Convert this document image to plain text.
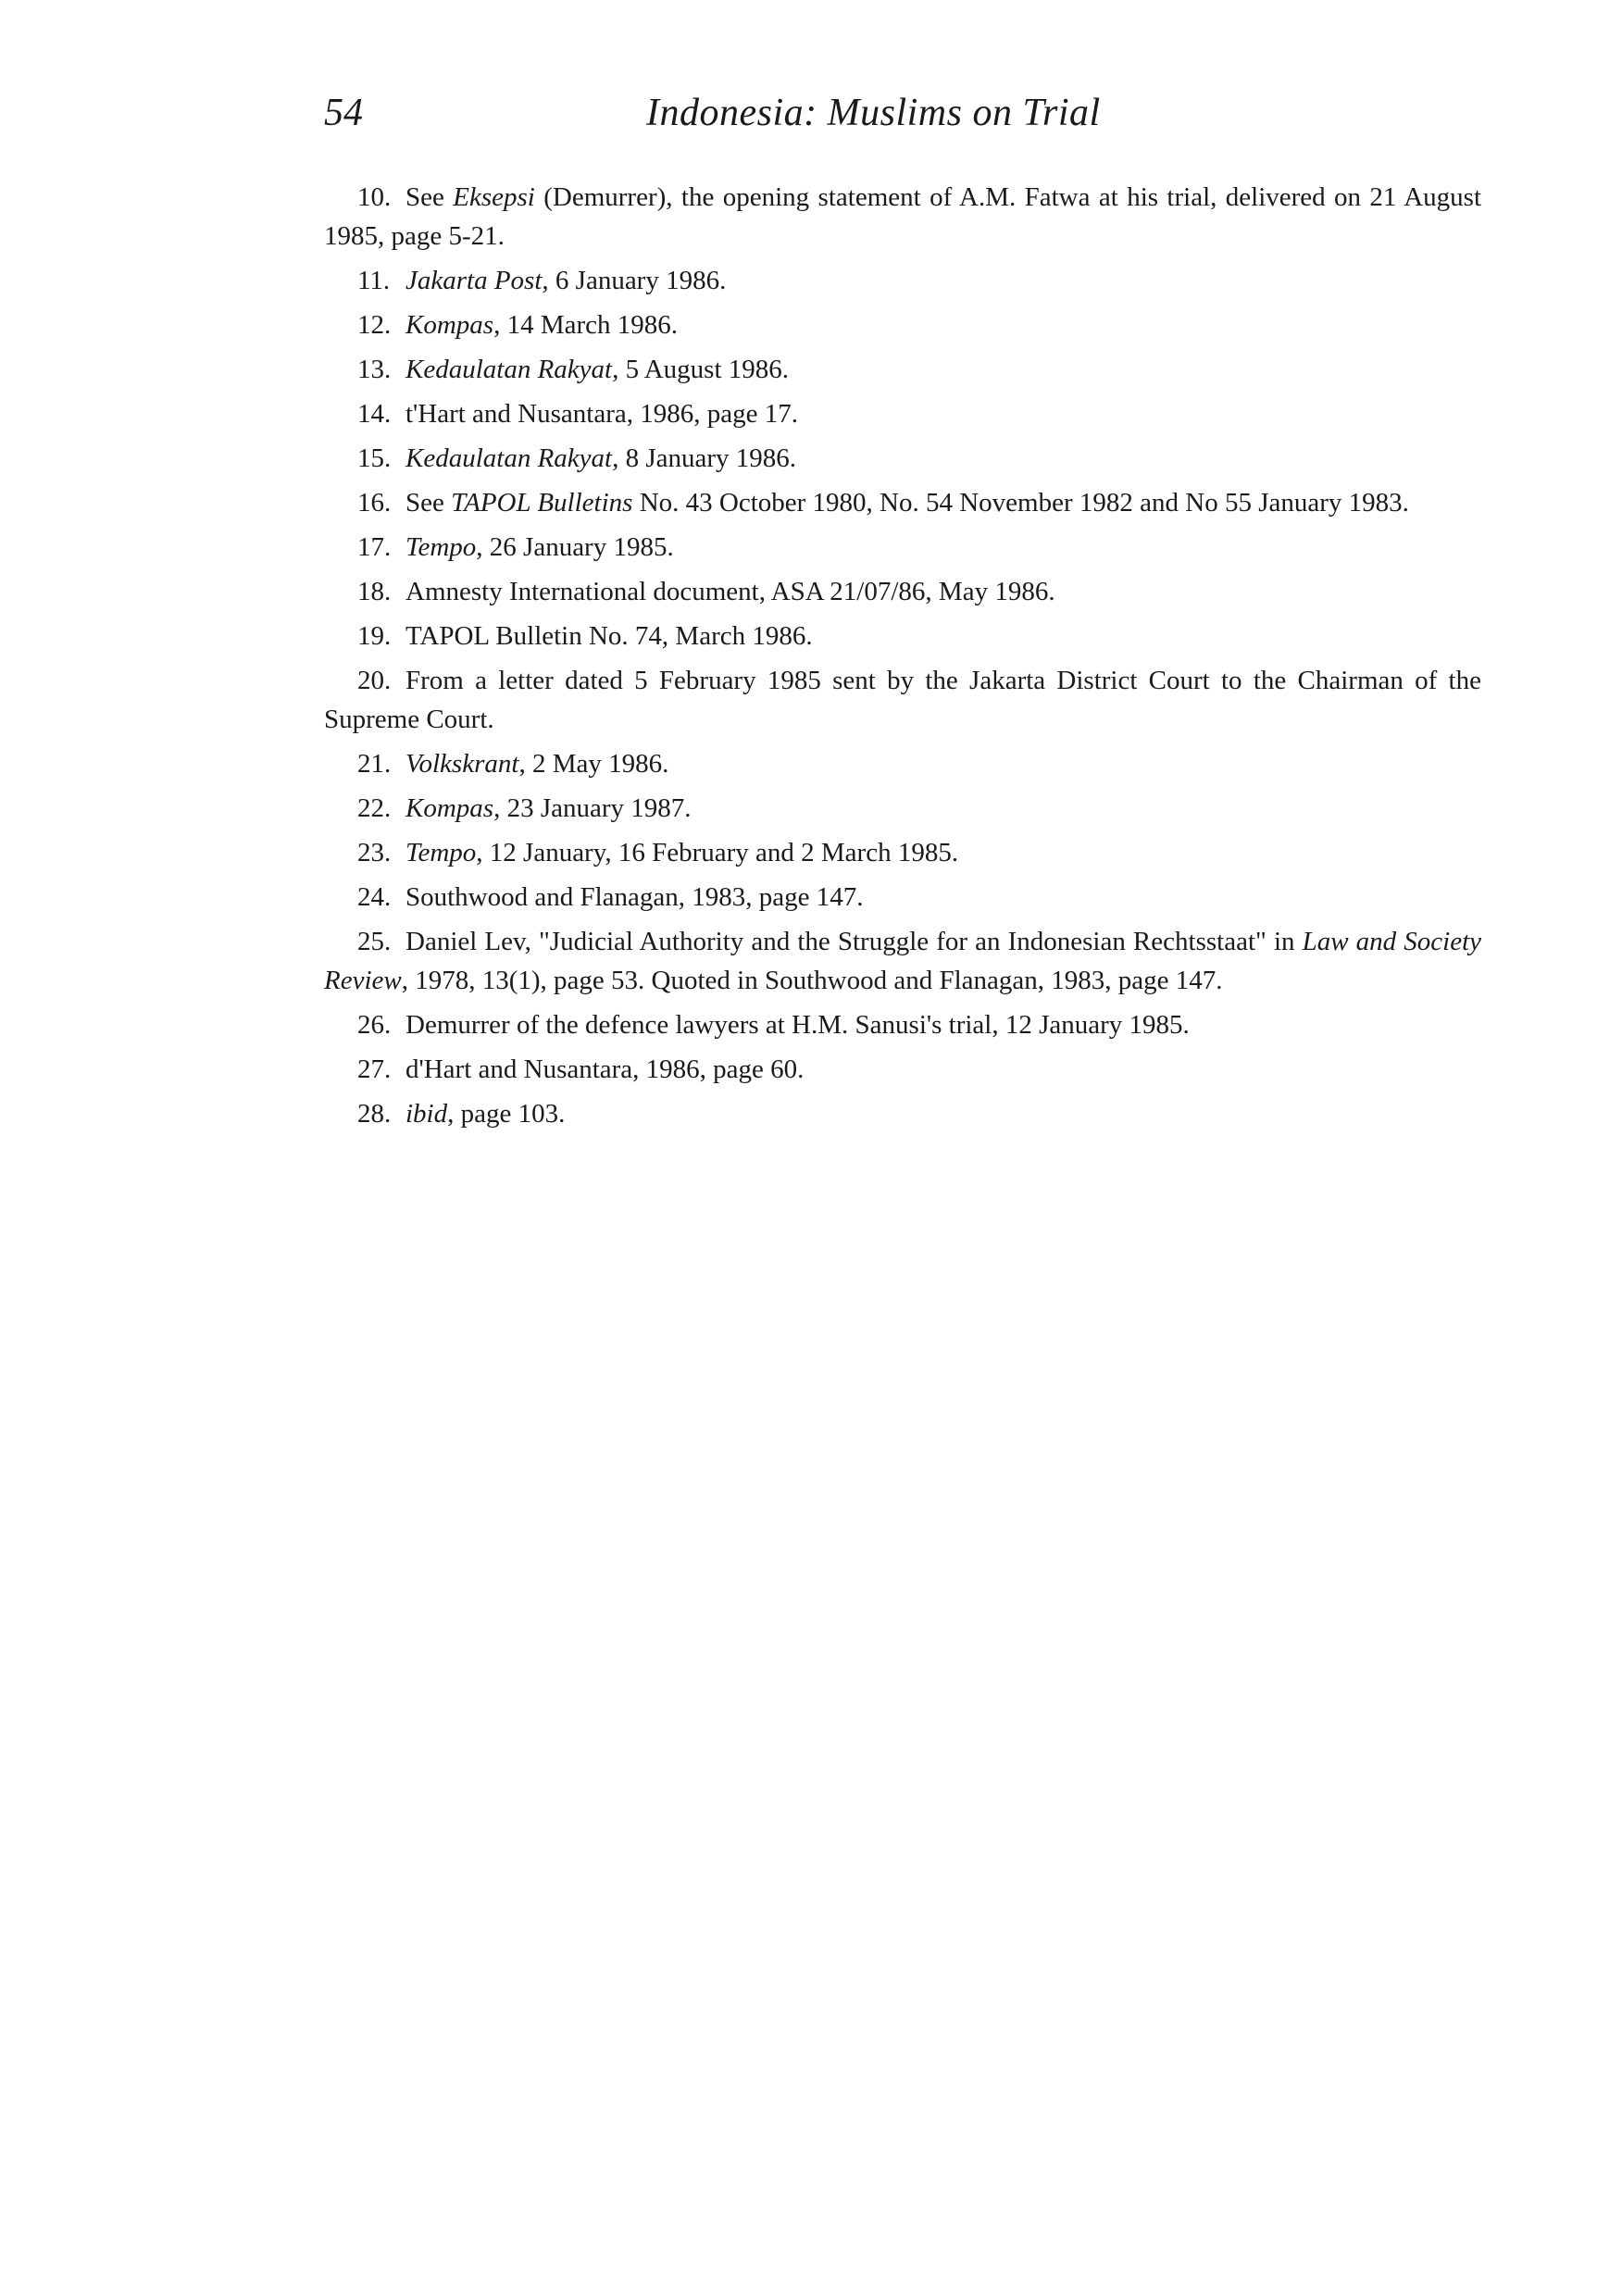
54	Indonesia: Muslims on Trial

10. See Eksepsi (Demurrer), the opening statement of A.M. Fatwa at his trial, delivered on 21 August 1985, page 5-21.

11. Jakarta Post, 6 January 1986.

12. Kompas, 14 March 1986.

13. Kedaulatan Rakyat, 5 August 1986.

14. t'Hart and Nusantara, 1986, page 17.

15. Kedaulatan Rakyat, 8 January 1986.

16. See TAPOL Bulletins No. 43 October 1980, No. 54 November 1982 and No 55 January 1983.

17. Tempo, 26 January 1985.

18. Amnesty International document, ASA 21/07/86, May 1986.

19. TAPOL Bulletin No. 74, March 1986.

20. From a letter dated 5 February 1985 sent by the Jakarta District Court to the Chairman of the Supreme Court.

21. Volkskrant, 2 May 1986.

22. Kompas, 23 January 1987.

23. Tempo, 12 January, 16 February and 2 March 1985.

24. Southwood and Flanagan, 1983, page 147.

25. Daniel Lev, "Judicial Authority and the Struggle for an Indonesian Rechtsstaat" in Law and Society Review, 1978, 13(1), page 53. Quoted in Southwood and Flanagan, 1983, page 147.

26. Demurrer of the defence lawyers at H.M. Sanusi's trial, 12 January 1985.

27. d'Hart and Nusantara, 1986, page 60.

28. ibid, page 103.
